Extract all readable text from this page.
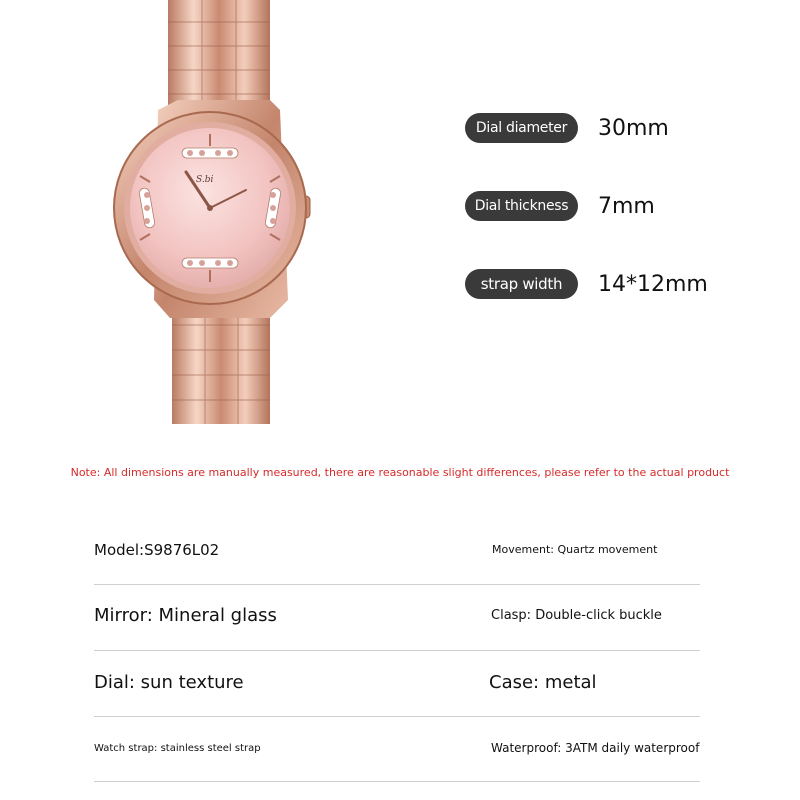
S.bi
Dial diameter	30mm
Dial thickness	7mm
strap width	14*12mm
Note: All dimensions are manually measured, there are reasonable slight differences, please refer to the actual product
Model:S9876L02	Movement: Quartz movement
Mirror: Mineral glass	Clasp: Double-click buckle
Dial: sun texture	Case: metal
Watch strap: stainless steel strap	Waterproof: 3ATM daily waterproof
